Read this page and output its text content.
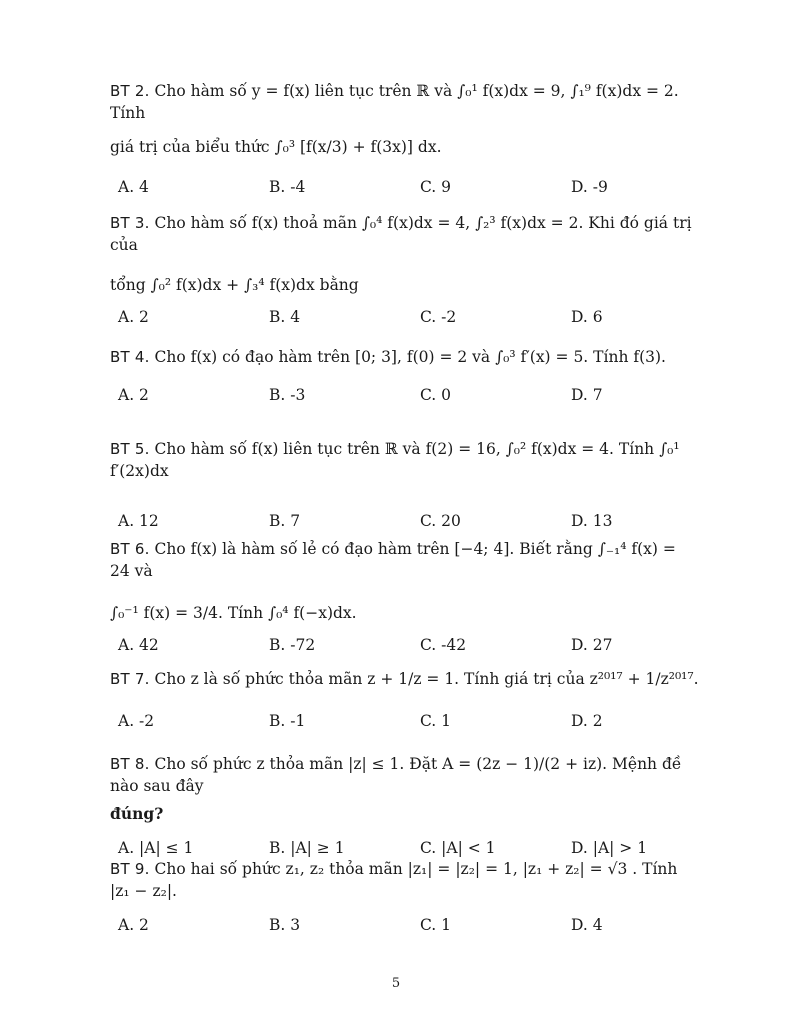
BT 2. Cho hàm số y = f(x) liên tục trên ℝ và ∫₀¹ f(x)dx = 9, ∫₁⁹ f(x)dx = 2. Tính
giá trị của biểu thức ∫₀³ [f(x/3) + f(3x)] dx.
A. 4	B. -4	C. 9	D. -9
BT 3. Cho hàm số f(x) thoả mãn ∫₀⁴ f(x)dx = 4, ∫₂³ f(x)dx = 2. Khi đó giá trị của
tổng ∫₀² f(x)dx + ∫₃⁴ f(x)dx bằng
A. 2	B. 4	C. -2	D. 6
BT 4. Cho f(x) có đạo hàm trên [0; 3], f(0) = 2 và ∫₀³ f′(x) = 5. Tính f(3).
A. 2	B. -3	C. 0	D. 7
BT 5. Cho hàm số f(x) liên tục trên ℝ và f(2) = 16, ∫₀² f(x)dx = 4. Tính ∫₀¹ f′(2x)dx
A. 12	B. 7	C. 20	D. 13
BT 6. Cho f(x) là hàm số lẻ có đạo hàm trên [−4; 4]. Biết rằng ∫₋₁⁴ f(x) = 24 và
∫₀⁻¹ f(x) = 3/4. Tính ∫₀⁴ f(−x)dx.
A. 42	B. -72	C. -42	D. 27
BT 7. Cho z là số phức thỏa mãn z + 1/z = 1. Tính giá trị của z²⁰¹⁷ + 1/z²⁰¹⁷.
A. -2	B. -1	C. 1	D. 2
BT 8. Cho số phức z thỏa mãn |z| ≤ 1. Đặt A = (2z − 1)/(2 + iz). Mệnh đề nào sau đây
đúng?
A. |A| ≤ 1	B. |A| ≥ 1	C. |A| < 1	D. |A| > 1
BT 9. Cho hai số phức z₁, z₂ thỏa mãn |z₁| = |z₂| = 1, |z₁ + z₂| = √3 . Tính |z₁ − z₂|.
A. 2	B. 3	C. 1	D. 4
5
